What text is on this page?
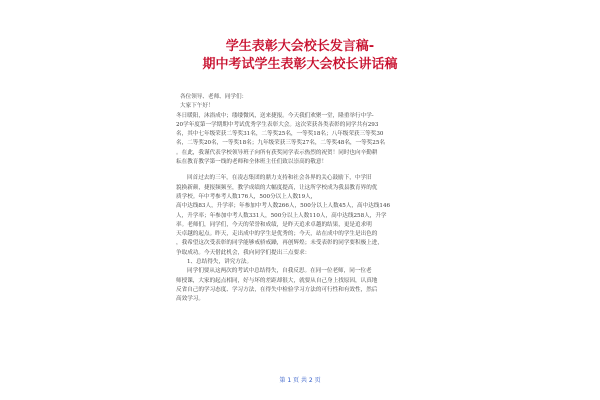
学生表彰大会校长发言稿-
期中考试学生表彰大会校长讲话稿

各位领导、老师、同学们：

大家下午好！

冬日暖阳，沐浴成中；缕缕微风，送来捷报。今天我们欢聚一堂，隆重举行中学-

20学年度第一学期期中考试优秀学生表彰大会。这次荣获各类表彰的同学共有293

名，其中七年级荣获二等奖31名，二等奖25名，一等奖18名；八年级荣获三等奖30

名，二等奖20名，一等奖18名；九年级荣获三等奖27名，二等奖48名，一等奖25名

。在此，我谨代表学校领导班子向所有获奖同学表示热烈的祝贺！同时也向辛勤耕

耘在教育教学第一线的老师和全体班主任们致以崇高的敬意！

回首过去的三年，在凌志集团的鼎力支持和社会各界的关心鼓励下，中学旧

貌换新颜，捷报频频至，教学成绩的大幅度提高，让这所学校成为我县教育界的优

质学校。年中考参考人数176人，500分以上人数19人，

高中达线83人，升学率；年参加中考人数266人，500分以上人数45人，高中达线146

人，升学率；年参加中考人数331人，500分以上人数110人，高中达线258人，升学

率。老师们，同学们，今天的荣誉和成绩，是昨天追求卓越的结果，更是追求明

天卓越的起点。昨天，走出成中的学生是优秀的；今天，站在成中的学生是出色的

，我希望这次受表彰的同学能够戒骄戒躁，再创辉煌；未受表彰的同学要积极上进，

争取成功。今天借此机会，我向同学们提出三点要求：

1、总结得失，讲究方法。

同学们要从这两次的考试中总结得失，自我反思。在同一位老师，同一位老

师授课，大家的起点相同，好与坏的差距却很大，就要从自己身上找原因，认真地

反省自己的学习态度、学习方法，在得失中检验学习方法的可行性和有效性，然后

高效学习。

第 1 页 共 2 页
